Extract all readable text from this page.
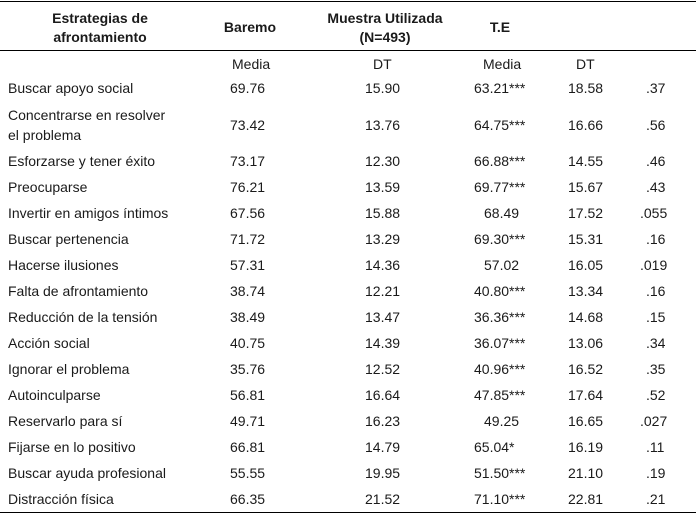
Estrategias de
afrontamiento
Baremo
Muestra Utilizada
(N=493)
T.E
Media	DT	Media	DT
Buscar apoyo social	69.76	15.90	63.21***	18.58	.37
Concentrarse en resolver
el problema
73.42	13.76	64.75***	16.66	.56
Esforzarse y tener éxito	73.17	12.30	66.88***	14.55	.46
Preocuparse	76.21	13.59	69.77***	15.67	.43
Invertir en amigos íntimos	67.56	15.88	68.49	17.52	.055
Buscar pertenencia	71.72	13.29	69.30***	15.31	.16
Hacerse ilusiones	57.31	14.36	57.02	16.05	.019
Falta de afrontamiento	38.74	12.21	40.80***	13.34	.16
Reducción de la tensión	38.49	13.47	36.36***	14.68	.15
Acción social	40.75	14.39	36.07***	13.06	.34
Ignorar el problema	35.76	12.52	40.96***	16.52	.35
Autoinculparse	56.81	16.64	47.85***	17.64	.52
Reservarlo para sí	49.71	16.23	49.25	16.65	.027
Fijarse en lo positivo	66.81	14.79	65.04*	16.19	.11
Buscar ayuda profesional	55.55	19.95	51.50***	21.10	.19
Distracción física	66.35	21.52	71.10***	22.81	.21
